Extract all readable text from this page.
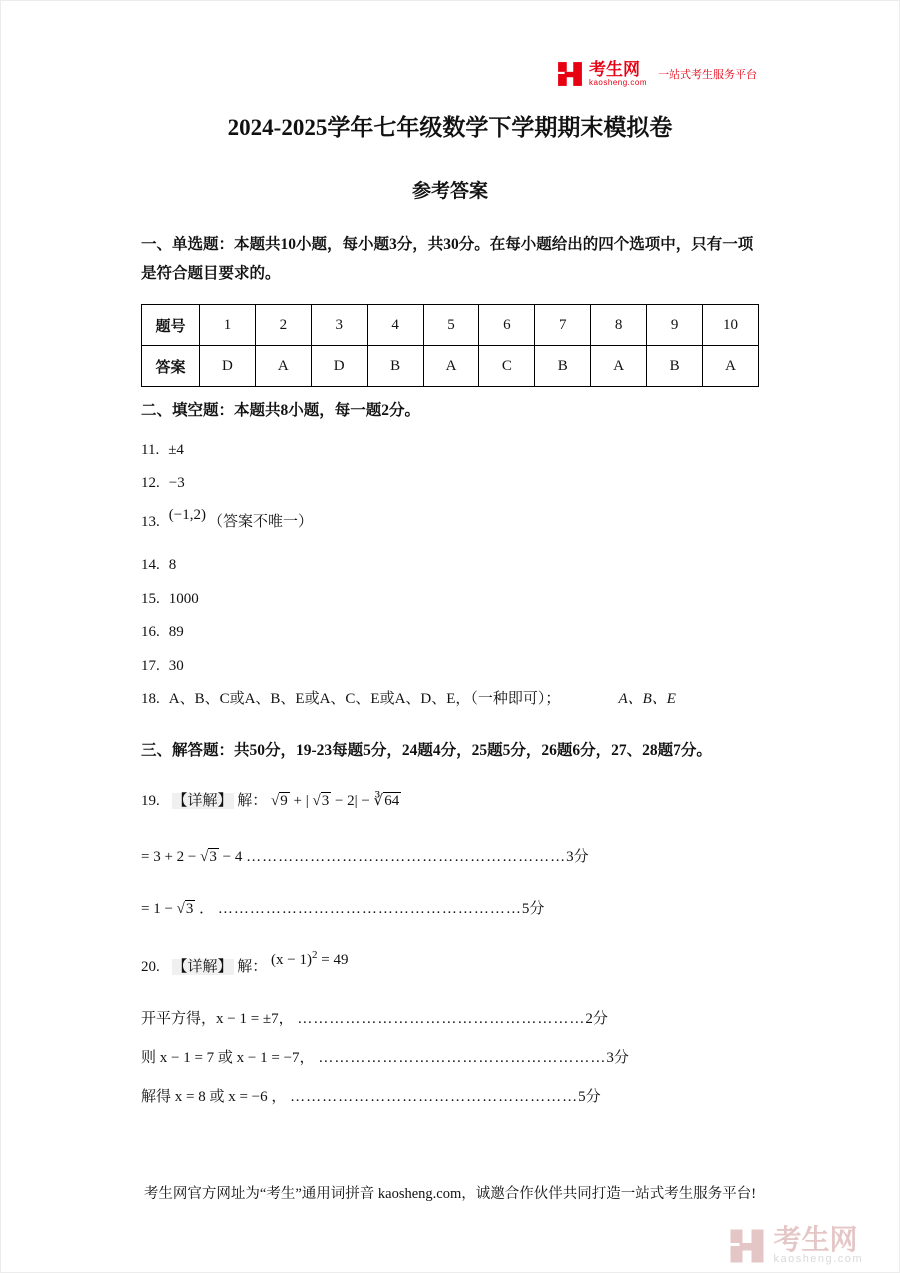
考生网
kaosheng.com
一站式考生服务平台
2024-2025学年七年级数学下学期期末模拟卷
参考答案
一、单选题：本题共10小题，每小题3分，共30分。在每小题给出的四个选项中，只有一项是符合题目要求的。
题号	1	2	3	4	5	6	7	8	9	10
答案	D	A	D	B	A	C	B	A	B	A
二、填空题：本题共8小题，每一题2分。
11. ±4
12. −3
13. (−1,2) （答案不唯一）
14. 8
15. 1000
16. 89
17. 30
18. A、B、C或A、B、E或A、C、E或A、D、E，（一种即可）；	A、B、E
三、解答题：共50分，19-23每题5分，24题4分，25题5分，26题6分，27、28题7分。
19. 【详解】 解： √9 + | √3 − 2| − ∛64
= 3 + 2 − √3 − 4 ……………………………………………………3分
= 1 − √3 ． …………………………………………………5分
20. 【详解】 解： $(x - 1)^2 = 49$
开平方得，x − 1 = ±7， ………………………………………………2分
则 x − 1 = 7 或 x − 1 = −7， ………………………………………………3分
解得 x = 8 或 x = −6 ， ………………………………………………5分
考生网官方网址为“考生”通用词拼音 kaosheng.com，诚邀合作伙伴共同打造一站式考生服务平台!
考生网
kaosheng.com
